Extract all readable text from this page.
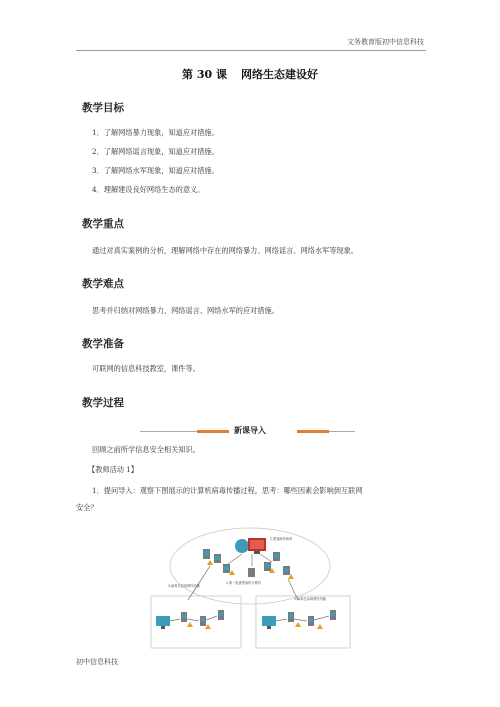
文务教育版初中信息科技
第 30 课 网络生态建设好
教学目标
1．了解网络暴力现象，知道应对措施。
2．了解网络谣言现象，知道应对措施。
3．了解网络水军现象，知道应对措施。
4．理解建设良好网络生态的意义。
教学重点
通过对真实案例的分析，理解网络中存在的网络暴力、网络谣言、网络水军等现象。
教学难点
思考并归纳对网络暴力、网络谣言、网络水军的应对措施。
教学准备
可联网的信息科技教室，课件等。
教学过程
新课导入
回顾之前所学信息安全相关知识。
【教师活动 1】
1．提问导入：观察下图展示的计算机病毒传播过程，思考：哪些因素会影响到互联网
安全？
1.黑客制作病毒
2.第一批被感染的计算机
3.病毒在局域网内传播
3.病毒在局域网内传播
初中信息科技
